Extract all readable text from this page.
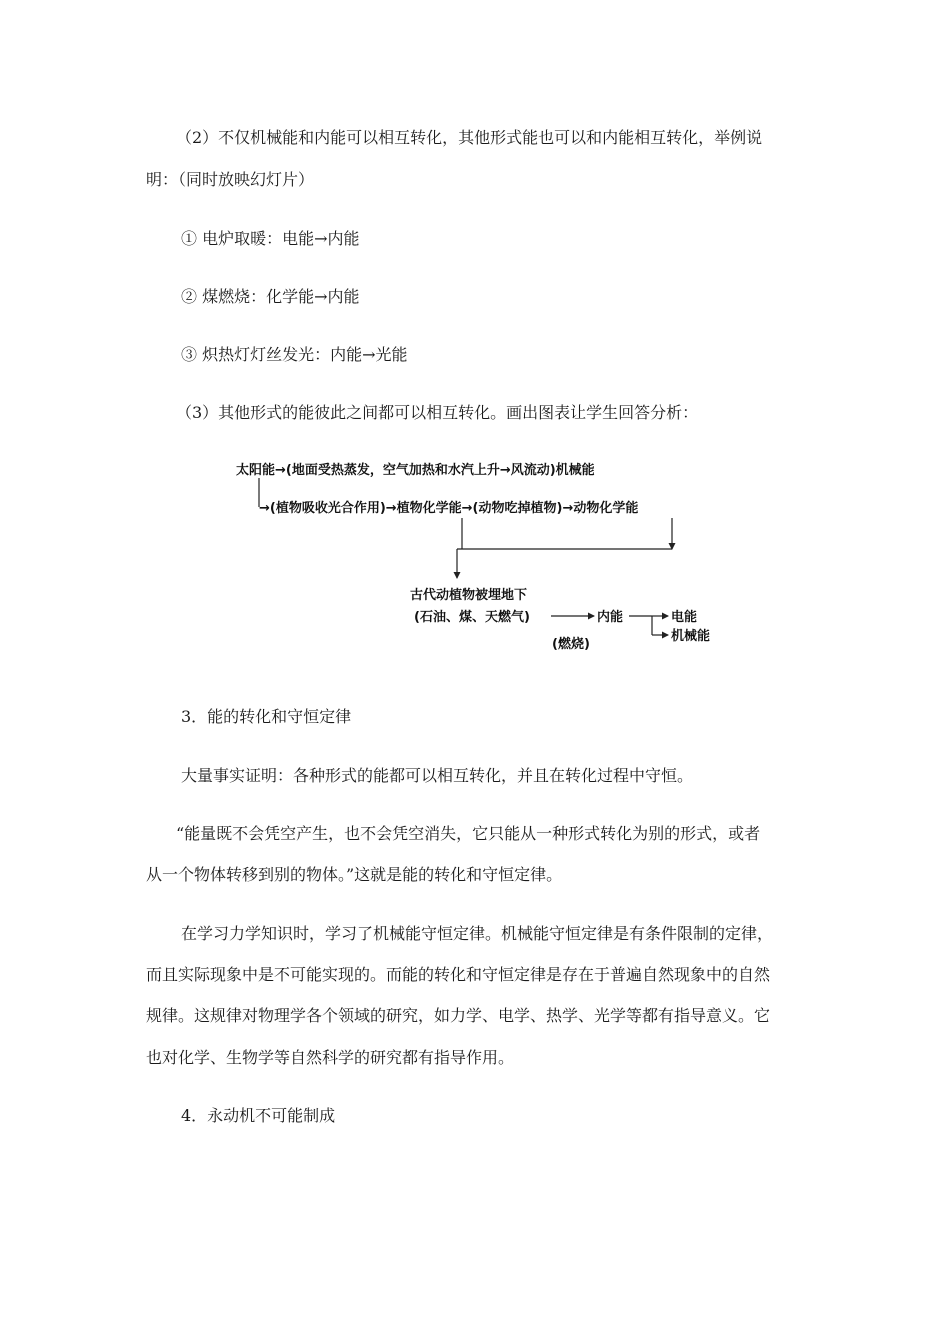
（2）不仅机械能和内能可以相互转化，其他形式能也可以和内能相互转化，举例说
明：（同时放映幻灯片）
① 电炉取暖：电能→内能
② 煤燃烧：化学能→内能
③ 炽热灯灯丝发光：内能→光能
（3）其他形式的能彼此之间都可以相互转化。画出图表让学生回答分析：
太阳能→(地面受热蒸发，空气加热和水汽上升→风流动)机械能
→(植物吸收光合作用)→植物化学能→(动物吃掉植物)→动物化学能
古代动植物被埋地下
(石油、煤、天燃气)	内能
(燃烧)
电能
机械能
3．能的转化和守恒定律
大量事实证明：各种形式的能都可以相互转化，并且在转化过程中守恒。
“能量既不会凭空产生，也不会凭空消失，它只能从一种形式转化为别的形式，或者
从一个物体转移到别的物体。”这就是能的转化和守恒定律。
在学习力学知识时，学习了机械能守恒定律。机械能守恒定律是有条件限制的定律，
而且实际现象中是不可能实现的。而能的转化和守恒定律是存在于普遍自然现象中的自然
规律。这规律对物理学各个领域的研究，如力学、电学、热学、光学等都有指导意义。它
也对化学、生物学等自然科学的研究都有指导作用。
4．永动机不可能制成
